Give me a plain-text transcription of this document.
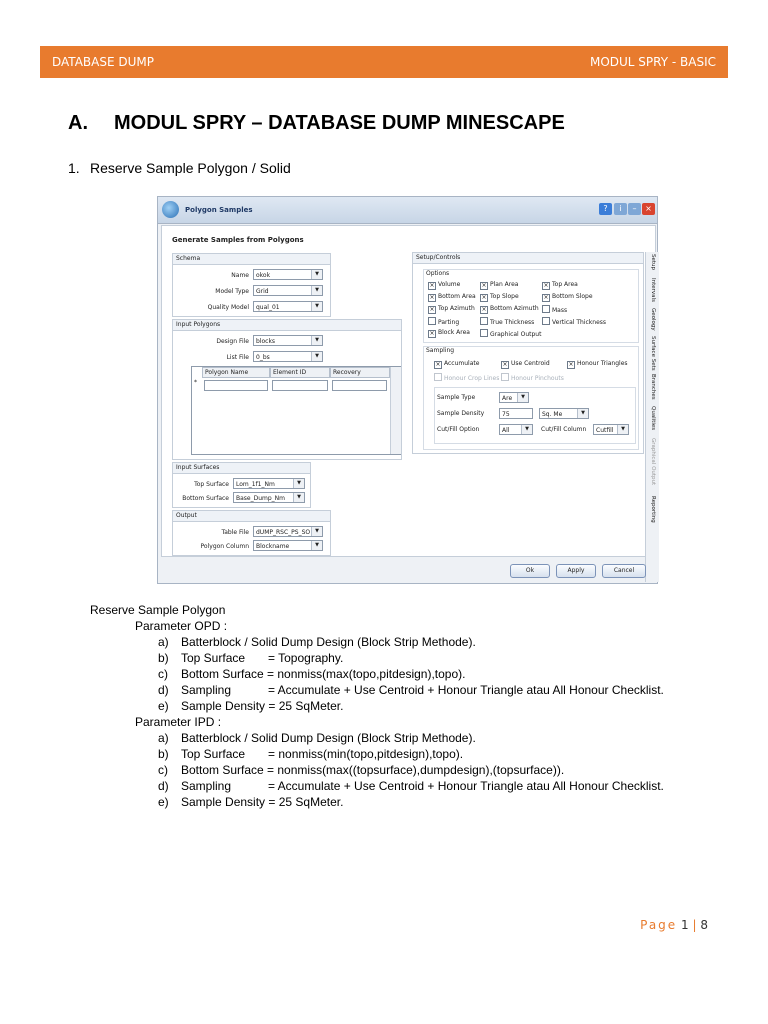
DATABASE DUMP	MODUL SPRY - BASIC
A. MODUL SPRY – DATABASE DUMP MINESCAPE
1. Reserve Sample Polygon / Solid
Polygon Samples	?	i	–	×
Generate Samples from Polygons
Schema
Name	okok	▼
Model Type	Grid	▼
Quality Model	qual_01	▼
Input Polygons
Design File	blocks	▼
List File	0_bs	▼
Polygon Name	Element ID	Recovery
*
Input Surfaces
Top Surface	Lom_1f1_Nm	▼
Bottom Surface	Base_Dump_Nm	▼
Output
Table File	dUMP_RSC_PS_SO ▼
Polygon Column	Blockname	▼
Setup/Controls
Options
× Volume	× Plan Area	× Top Area
× Bottom Area × Top Slope	× Bottom Slope
× Top Azimuth × Bottom Azimuth	Mass
Parting	True Thickness	Vertical Thickness
× Block Area	Graphical Output
Sampling
× Accumulate	× Use Centroid	× Honour Triangles
Honour Crop Lines	Honour Pinchouts
Sample Type	Are	▼
Sample Density	75	Sq. Me	▼
Cut/Fill Option	All	▼	Cut/Fill Column	Cutfill	▼
Setup
Intervals
Geology
Surface Sets
Branches
Qualities
Graphical Output
Reporting
Ok	Apply	Cancel
Reserve Sample Polygon
Parameter OPD :
a) Batterblock / Solid Dump Design (Block Strip Methode).
b) Top Surface = Topography.
c) Bottom Surface = nonmiss(max(topo,pitdesign),topo).
d) Sampling	= Accumulate + Use Centroid + Honour Triangle atau All Honour Checklist.
e) Sample Density = 25 SqMeter.
Parameter IPD :
a) Batterblock / Solid Dump Design (Block Strip Methode).
b) Top Surface = nonmiss(min(topo,pitdesign),topo).
c) Bottom Surface = nonmiss(max((topsurface),dumpdesign),(topsurface)).
d) Sampling	= Accumulate + Use Centroid + Honour Triangle atau All Honour Checklist.
e) Sample Density = 25 SqMeter.
Page 1 | 8
